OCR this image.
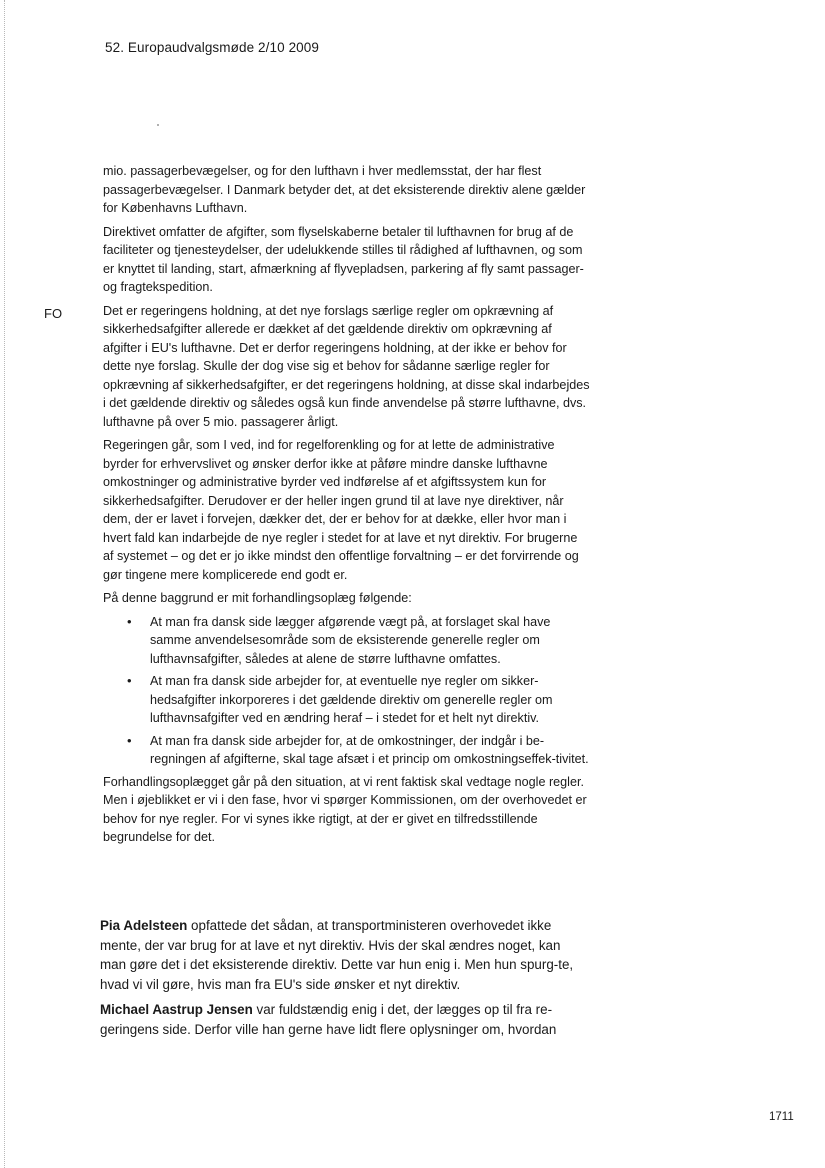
52. Europaudvalgsmøde 2/10 2009
FO

mio. passagerbevægelser, og for den lufthavn i hver medlemsstat, der har flest passagerbevægelser. I Danmark betyder det, at det eksisterende direktiv alene gælder for Københavns Lufthavn.

Direktivet omfatter de afgifter, som flyselskaberne betaler til lufthavnen for brug af de faciliteter og tjenesteydelser, der udelukkende stilles til rådighed af lufthavnen, og som er knyttet til landing, start, afmærkning af flyvepladsen, parkering af fly samt passager- og fragtekspedition.

Det er regeringens holdning, at det nye forslags særlige regler om opkrævning af sikkerhedsafgifter allerede er dækket af det gældende direktiv om opkrævning af afgifter i EU's lufthavne. Det er derfor regeringens holdning, at der ikke er behov for dette nye forslag. Skulle der dog vise sig et behov for sådanne særlige regler for opkrævning af sikkerhedsafgifter, er det regeringens holdning, at disse skal indarbejdes i det gældende direktiv og således også kun finde anvendelse på større lufthavne, dvs. lufthavne på over 5 mio. passagerer årligt.

Regeringen går, som I ved, ind for regelforenkling og for at lette de administrative byrder for erhvervslivet og ønsker derfor ikke at påføre mindre danske lufthavne omkostninger og administrative byrder ved indførelse af et afgiftssystem kun for sikkerhedsafgifter. Derudover er der heller ingen grund til at lave nye direktiver, når dem, der er lavet i forvejen, dækker det, der er behov for at dække, eller hvor man i hvert fald kan indarbejde de nye regler i stedet for at lave et nyt direktiv. For brugerne af systemet – og det er jo ikke mindst den offentlige forvaltning – er det forvirrende og gør tingene mere komplicerede end godt er.

På denne baggrund er mit forhandlingsoplæg følgende:

• At man fra dansk side lægger afgørende vægt på, at forslaget skal have samme anvendelsesområde som de eksisterende generelle regler om lufthavnsafgifter, således at alene de større lufthavne omfattes.
• At man fra dansk side arbejder for, at eventuelle nye regler om sikker-hedsafgifter inkorporeres i det gældende direktiv om generelle regler om lufthavnsafgifter ved en ændring heraf – i stedet for et helt nyt direktiv.
• At man fra dansk side arbejder for, at de omkostninger, der indgår i be-regningen af afgifterne, skal tage afsæt i et princip om omkostningseffek-tivitet.

Forhandlingsoplægget går på den situation, at vi rent faktisk skal vedtage nogle regler. Men i øjeblikket er vi i den fase, hvor vi spørger Kommissionen, om der overhovedet er behov for nye regler. For vi synes ikke rigtigt, at der er givet en tilfredsstillende begrundelse for det.

Pia Adelsteen opfattede det sådan, at transportministeren overhovedet ikke mente, der var brug for at lave et nyt direktiv. Hvis der skal ændres noget, kan man gøre det i det eksisterende direktiv. Dette var hun enig i. Men hun spurg-te, hvad vi vil gøre, hvis man fra EU's side ønsker et nyt direktiv.

Michael Aastrup Jensen var fuldstændig enig i det, der lægges op til fra re-geringens side. Derfor ville han gerne have lidt flere oplysninger om, hvordan

1711
